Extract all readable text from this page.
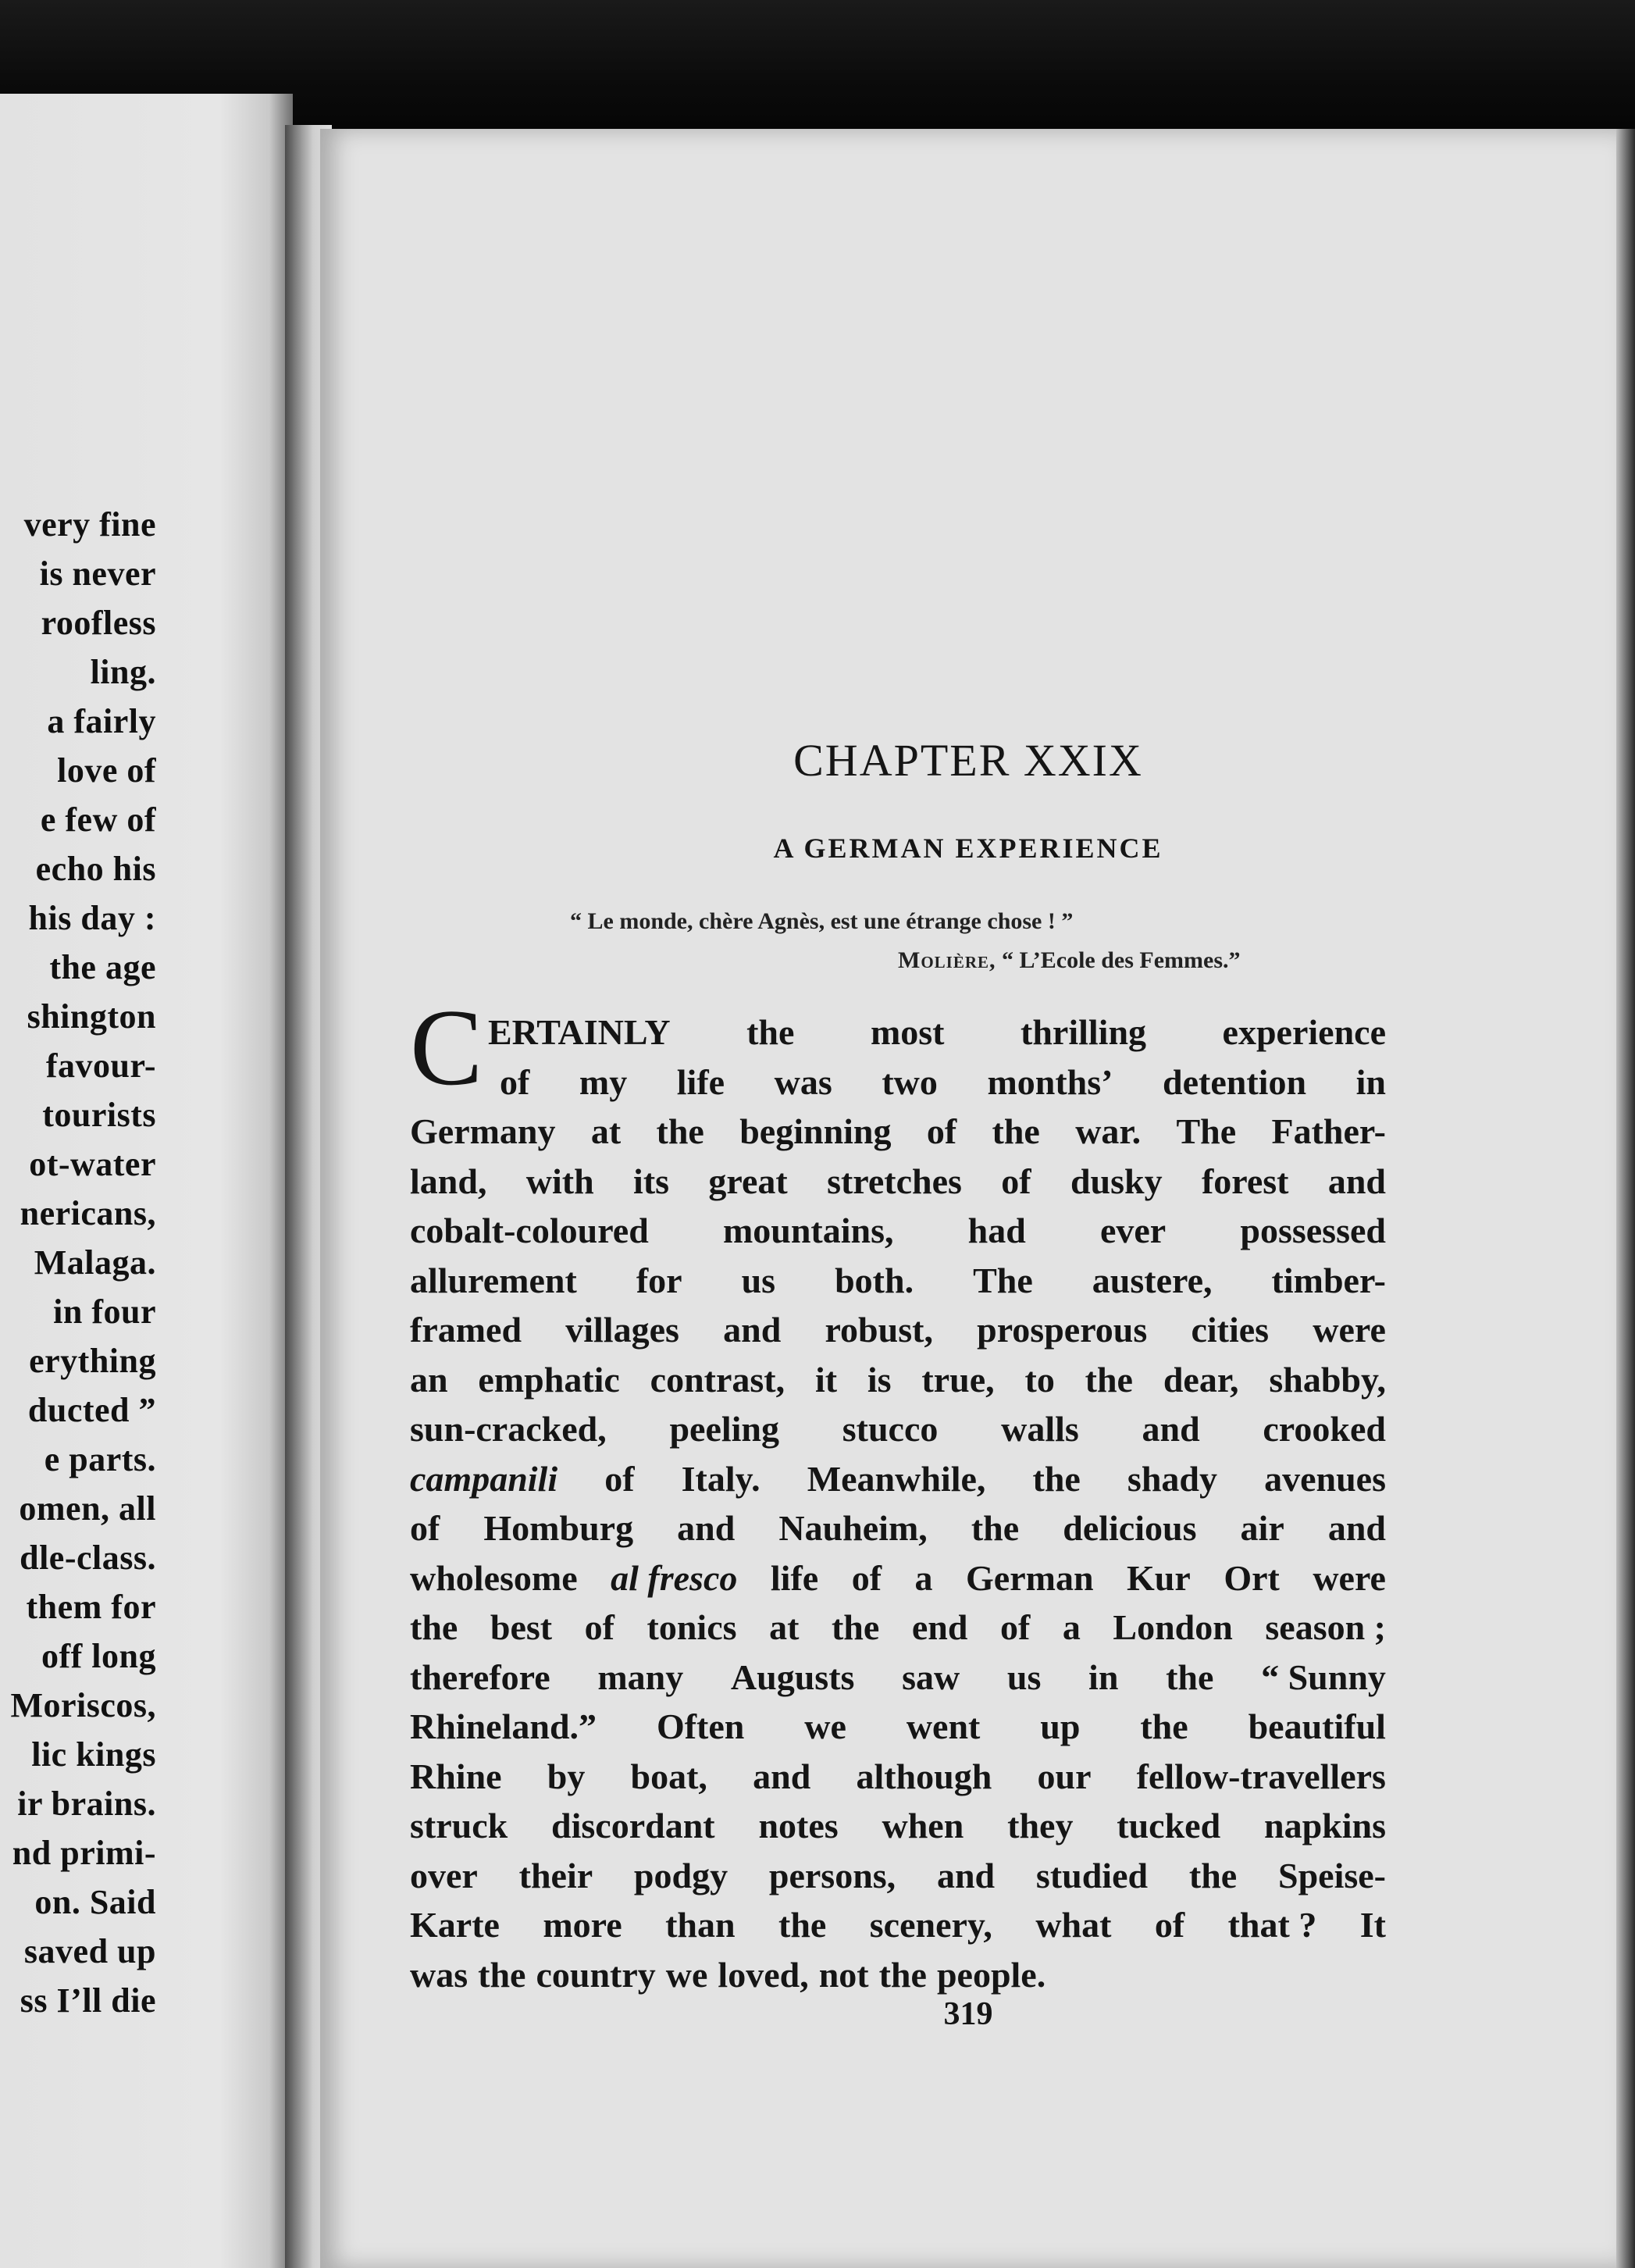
very fine
is never
roofless
ling.
a fairly
love of
e few of
echo his
his day :
the age
shington
favour-
tourists
ot-water
nericans,
Malaga.
in four
erything
ducted ”
e parts.
omen, all
dle-class.
them for
off long
Moriscos,
lic kings
ir brains.
nd primi-
on. Said
saved up
ss I’ll die
CHAPTER XXIX
A GERMAN EXPERIENCE
“ Le monde, chère Agnès, est une étrange chose ! ”
Molière, “ L’Ecole des Femmes.”
C ERTAINLY the most thrilling experience
of my life was two months’ detention in
Germany at the beginning of the war. The Father-
land, with its great stretches of dusky forest and
cobalt-coloured mountains, had ever possessed
allurement for us both. The austere, timber-
framed villages and robust, prosperous cities were
an emphatic contrast, it is true, to the dear, shabby,
sun-cracked, peeling stucco walls and crooked
campanili of Italy. Meanwhile, the shady avenues
of Homburg and Nauheim, the delicious air and
wholesome al fresco life of a German Kur Ort were
the best of tonics at the end of a London season ;
therefore many Augusts saw us in the “ Sunny
Rhineland.” Often we went up the beautiful
Rhine by boat, and although our fellow-travellers
struck discordant notes when they tucked napkins
over their podgy persons, and studied the Speise-
Karte more than the scenery, what of that ? It
was the country we loved, not the people.
319
